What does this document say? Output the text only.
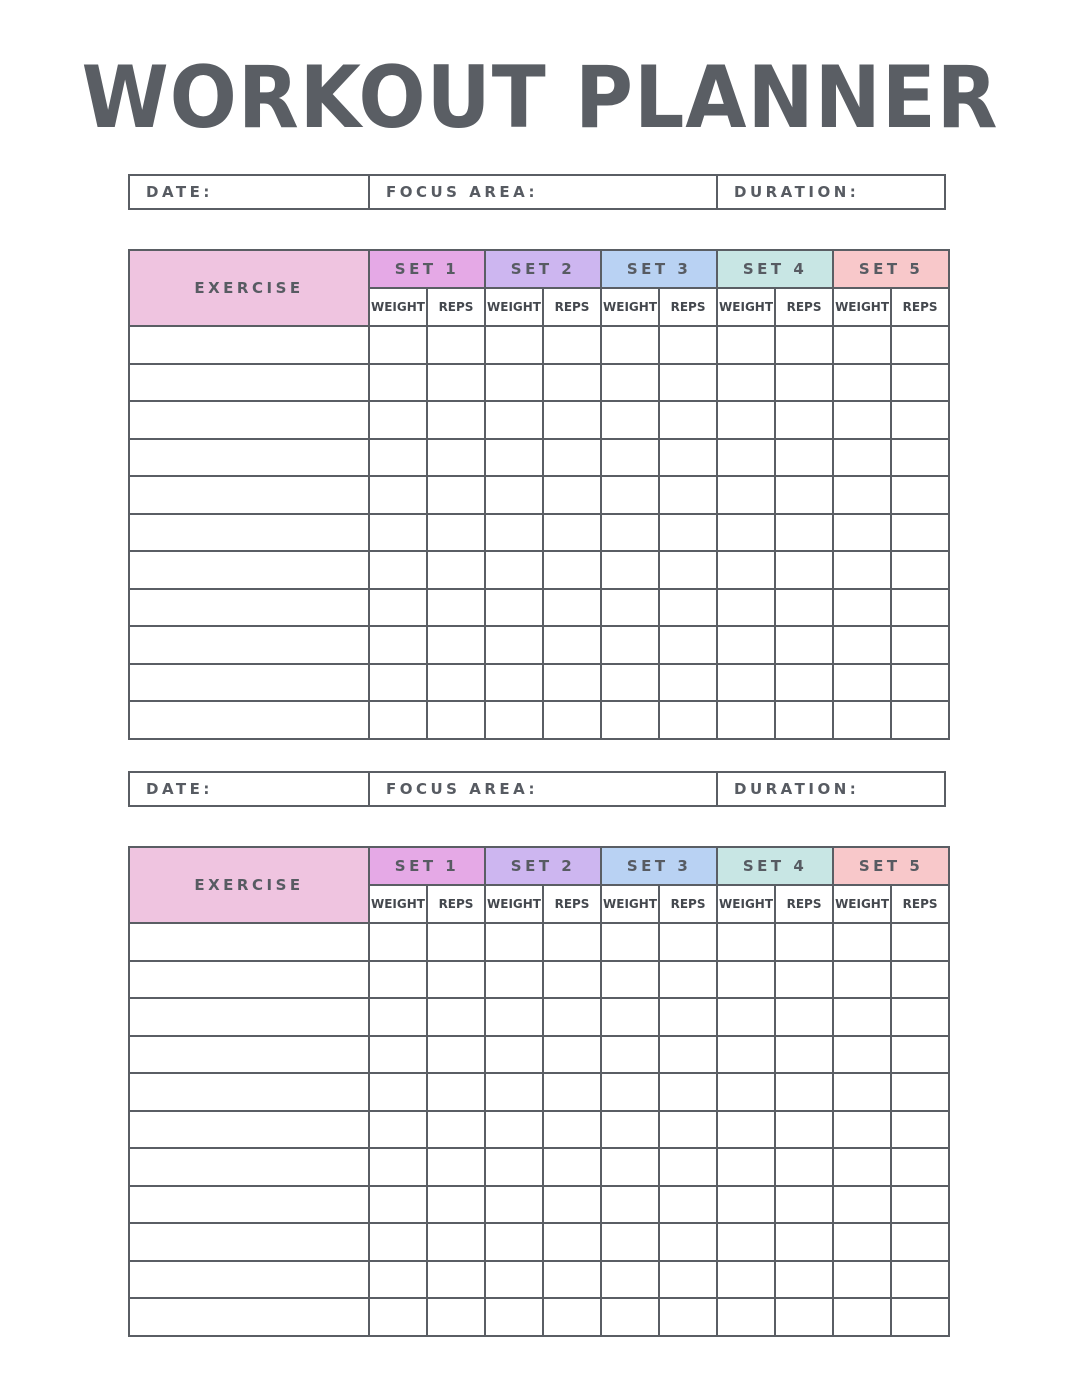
WORKOUT PLANNER
DATE:	FOCUS AREA:	DURATION:
EXERCISE	SET 1		SET 2		SET 3		SET 4		SET 5	
	WEIGHT	REPS	WEIGHT	REPS	WEIGHT	REPS	WEIGHT	REPS	WEIGHT	REPS

DATE:	FOCUS AREA:	DURATION:
EXERCISE	SET 1		SET 2		SET 3		SET 4		SET 5	
	WEIGHT	REPS	WEIGHT	REPS	WEIGHT	REPS	WEIGHT	REPS	WEIGHT	REPS
